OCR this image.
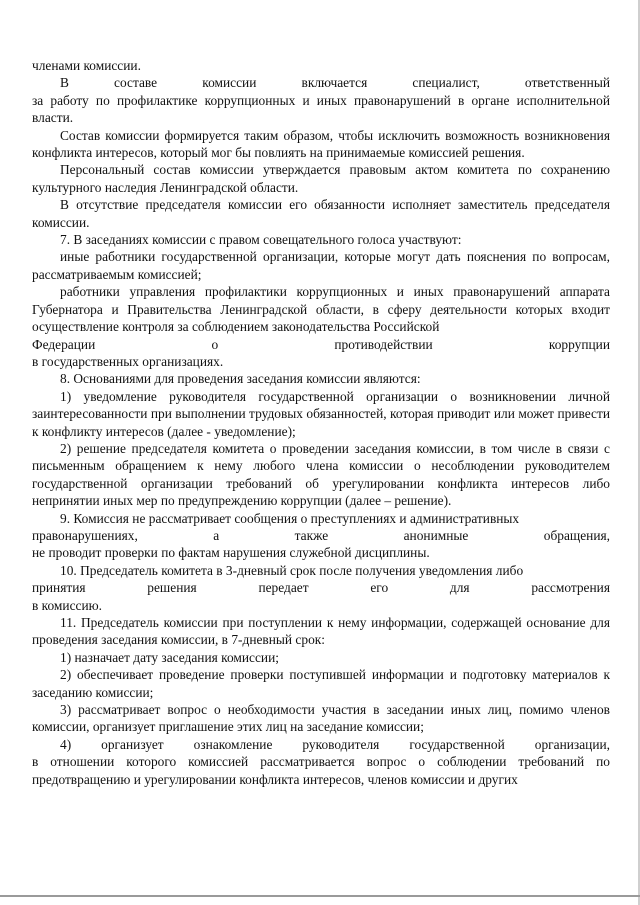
членами комиссии.

В составе комиссии включается специалист, ответственный

за работу по профилактике коррупционных и иных правонарушений в органе исполнительной власти.

Состав комиссии формируется таким образом, чтобы исключить возможность возникновения конфликта интересов, который мог бы повлиять на принимаемые комиссией решения.

Персональный состав комиссии утверждается правовым актом комитета по сохранению культурного наследия Ленинградской области.

В отсутствие председателя комиссии его обязанности исполняет заместитель председателя комиссии.

7. В заседаниях комиссии с правом совещательного голоса участвуют:

иные работники государственной организации, которые могут дать пояснения по вопросам, рассматриваемым комиссией;

работники управления профилактики коррупционных и иных правонарушений аппарата Губернатора и Правительства Ленинградской области, в сферу деятельности которых входит осуществление контроля за соблюдением законодательства Российской

Федерации о противодействии коррупции

в государственных организациях.

8. Основаниями для проведения заседания комиссии являются:

1) уведомление руководителя государственной организации о возникновении личной заинтересованности при выполнении трудовых обязанностей, которая приводит или может привести к конфликту интересов (далее - уведомление);

2) решение председателя комитета о проведении заседания комиссии, в том числе в связи с письменным обращением к нему любого члена комиссии о несоблюдении руководителем государственной организации требований об урегулировании конфликта интересов либо непринятии иных мер по предупреждению коррупции (далее – решение).

9. Комиссия не рассматривает сообщения о преступлениях и административных

правонарушениях, а также анонимные обращения,

не проводит проверки по фактам нарушения служебной дисциплины.

10. Председатель комитета в 3-дневный срок после получения уведомления либо

принятия решения передает его для рассмотрения

в комиссию.

11. Председатель комиссии при поступлении к нему информации, содержащей основание для проведения заседания комиссии, в 7-дневный срок:

1) назначает дату заседания комиссии;

2) обеспечивает проведение проверки поступившей информации и подготовку материалов к заседанию комиссии;

3) рассматривает вопрос о необходимости участия в заседании иных лиц, помимо членов комиссии, организует приглашение этих лиц на заседание комиссии;

4) организует ознакомление руководителя государственной организации,

в отношении которого комиссией рассматривается вопрос о соблюдении требований по предотвращению и урегулировании конфликта интересов, членов комиссии и других
